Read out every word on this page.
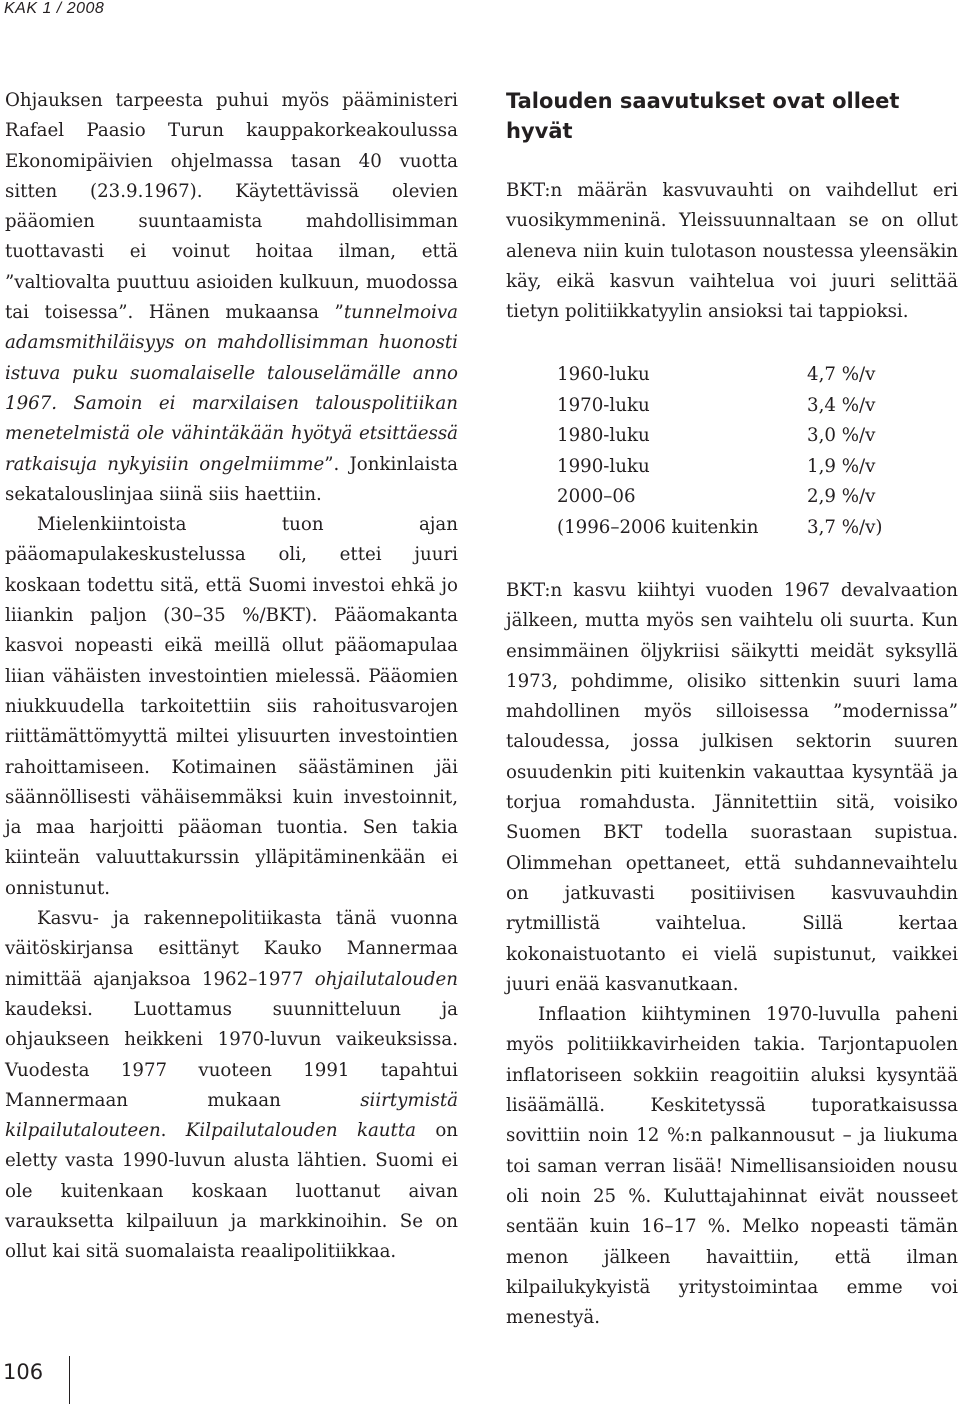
KAK 1 / 2008

Ohjauksen tarpeesta puhui myös pääministeri Rafael Paasio Turun kauppakorkeakoulussa Ekonomipäivien ohjelmassa tasan 40 vuotta sitten (23.9.1967). Käytettävissä olevien pääomien suuntaamista mahdollisimman tuottavasti ei voinut hoitaa ilman, että ”valtiovalta puuttuu asioiden kulkuun, muodossa tai toisessa”. Hänen mukaansa ”tunnelmoiva adamsmithiläisyys on mahdollisimman huonosti istuva puku suomalaiselle talouselämälle anno 1967. Samoin ei marxilaisen talouspolitiikan menetelmistä ole vähintäkään hyötyä etsittäessä ratkaisuja nykyisiin ongelmiimme”. Jonkinlaista sekatalouslinjaa siinä siis haettiin.

Mielenkiintoista tuon ajan pääomapulakeskustelussa oli, ettei juuri koskaan todettu sitä, että Suomi investoi ehkä jo liiankin paljon (30–35 %/BKT). Pääomakanta kasvoi nopeasti eikä meillä ollut pääomapulaa liian vähäisten investointien mielessä. Pääomien niukkuudella tarkoitettiin siis rahoitusvarojen riittämättömyyttä miltei ylisuurten investointien rahoittamiseen. Kotimainen säästäminen jäi säännöllisesti vähäisemmäksi kuin investoinnit, ja maa harjoitti pääoman tuontia. Sen takia kiinteän valuuttakurssin ylläpitäminenkään ei onnistunut.

Kasvu- ja rakennepolitiikasta tänä vuonna väitöskirjansa esittänyt Kauko Mannermaa nimittää ajanjaksoa 1962–1977 ohjailutalouden kaudeksi. Luottamus suunnitteluun ja ohjaukseen heikkeni 1970-luvun vaikeuksissa. Vuodesta 1977 vuoteen 1991 tapahtui Mannermaan mukaan siirtymistä kilpailutalouteen. Kilpailutalouden kautta on eletty vasta 1990-luvun alusta lähtien. Suomi ei ole kuitenkaan koskaan luottanut aivan varauksetta kilpailuun ja markkinoihin. Se on ollut kai sitä suomalaista reaalipolitiikkaa.

Talouden saavutukset ovat olleet hyvät

BKT:n määrän kasvuvauhti on vaihdellut eri vuosikymmeninä. Yleissuunnaltaan se on ollut aleneva niin kuin tulotason noustessa yleensäkin käy, eikä kasvun vaihtelua voi juuri selittää tietyn politiikkatyylin ansioksi tai tappioksi.

1960-luku	4,7 %/v
1970-luku	3,4 %/v
1980-luku	3,0 %/v
1990-luku	1,9 %/v
2000–06	2,9 %/v
(1996–2006 kuitenkin	3,7 %/v)

BKT:n kasvu kiihtyi vuoden 1967 devalvaation jälkeen, mutta myös sen vaihtelu oli suurta. Kun ensimmäinen öljykriisi säikytti meidät syksyllä 1973, pohdimme, olisiko sittenkin suuri lama mahdollinen myös silloisessa ”modernissa” taloudessa, jossa julkisen sektorin suuren osuudenkin piti kuitenkin vakauttaa kysyntää ja torjua romahdusta. Jännitettiin sitä, voisiko Suomen BKT todella suorastaan supistua. Olimmehan opettaneet, että suhdannevaihtelu on jatkuvasti positiivisen kasvuvauhdin rytmillistä vaihtelua. Sillä kertaa kokonaistuotanto ei vielä supistunut, vaikkei juuri enää kasvanutkaan.

Inflaation kiihtyminen 1970-luvulla paheni myös politiikkavirheiden takia. Tarjontapuolen inflatoriseen sokkiin reagoitiin aluksi kysyntää lisäämällä. Keskitetyssä tuporatkaisussa sovittiin noin 12 %:n palkannousut – ja liukuma toi saman verran lisää! Nimellisansioiden nousu oli noin 25 %. Kuluttajahinnat eivät nousseet sentään kuin 16–17 %. Melko nopeasti tämän menon jälkeen havaittiin, että ilman kilpailukykyistä yritystoimintaa emme voi menestyä.

106
